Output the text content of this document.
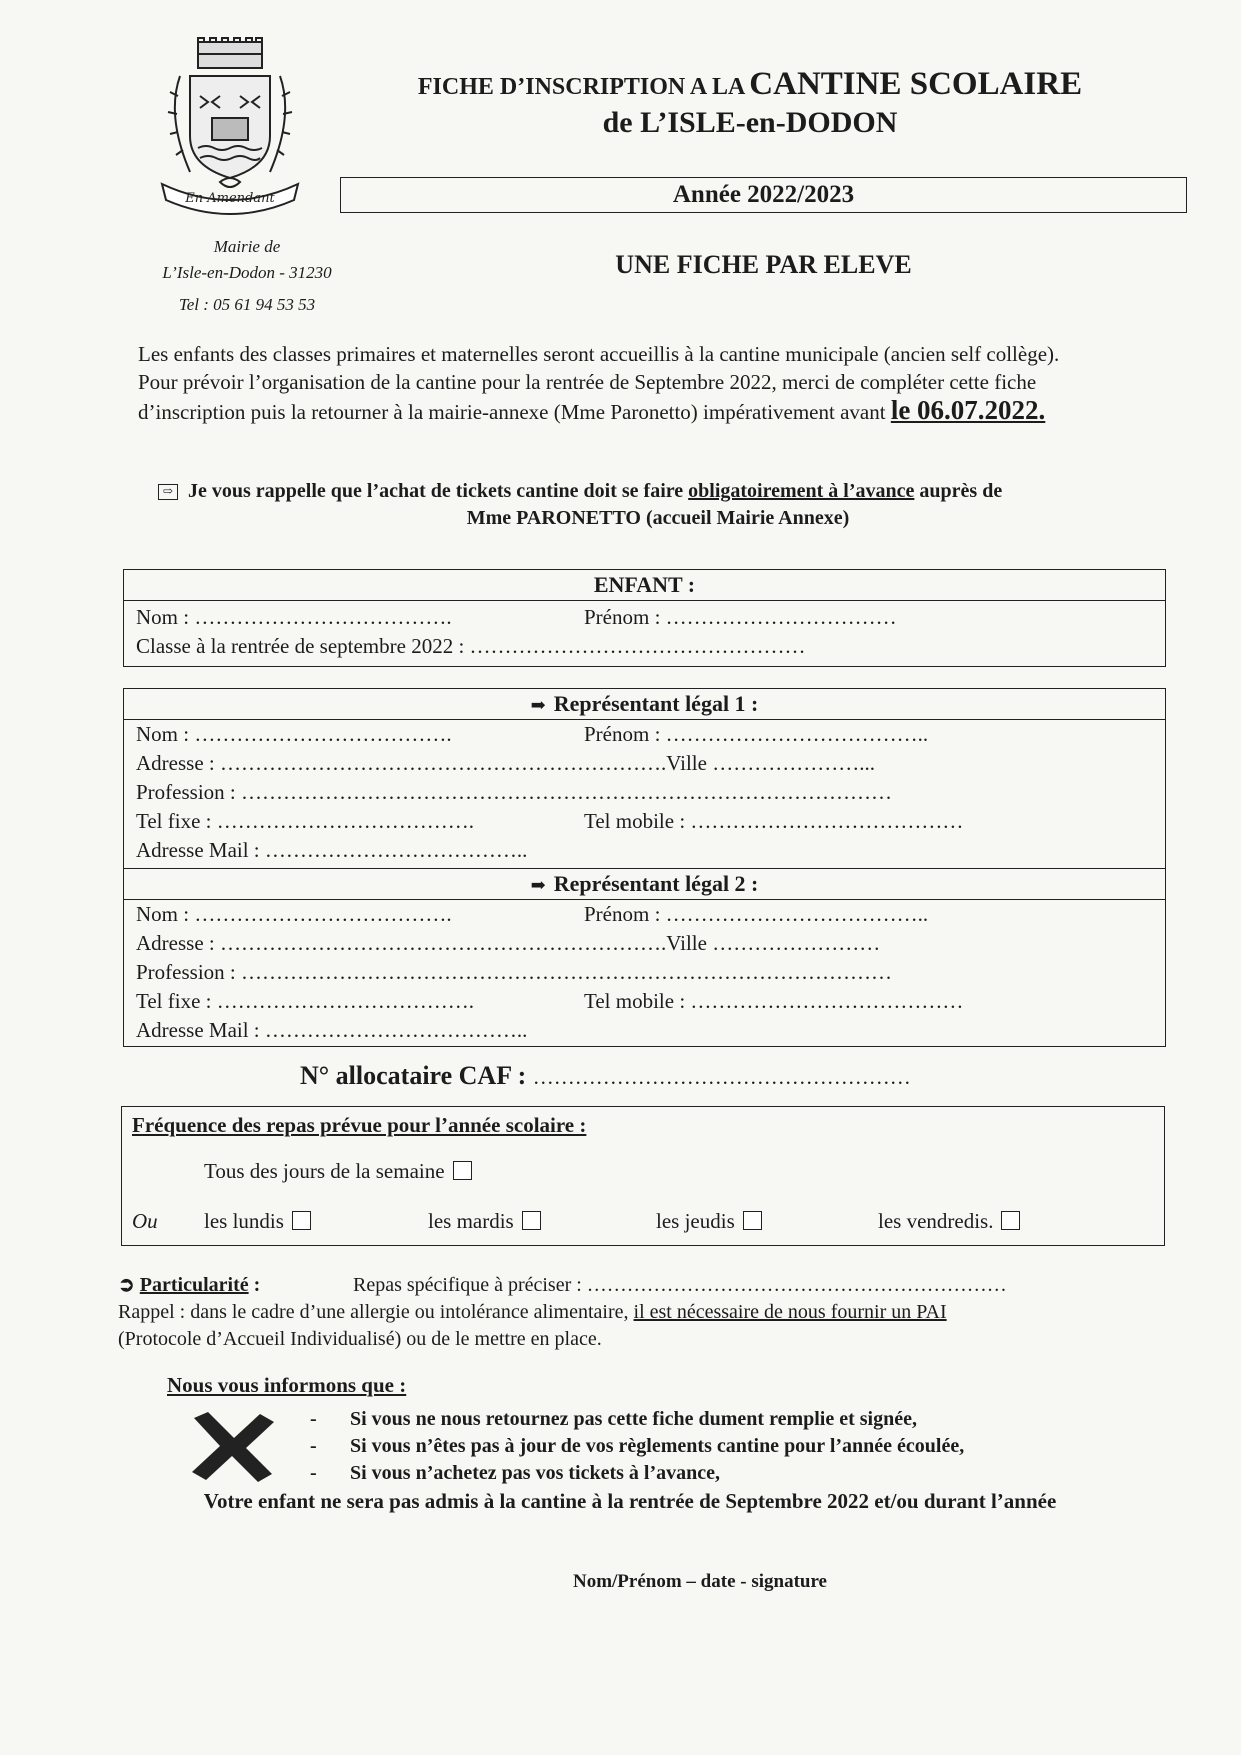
En Amendant
Mairie de
L’Isle-en-Dodon - 31230
Tel : 05 61 94 53 53
FICHE D’INSCRIPTION A LA CANTINE SCOLAIRE
de L’ISLE-en-DODON
Année 2022/2023
UNE FICHE PAR ELEVE

Les enfants des classes primaires et maternelles seront accueillis à la cantine municipale (ancien self collège).

Pour prévoir l’organisation de la cantine pour la rentrée de Septembre 2022, merci de compléter cette fiche

d’inscription puis la retourner à la mairie-annexe (Mme Paronetto) impérativement avant le 06.07.2022.

⇨ Je vous rappelle que l’achat de tickets cantine doit se faire obligatoirement à l’avance auprès de
Mme PARONETTO (accueil Mairie Annexe)
ENFANT :
Nom : ……………………………….	Prénom : ……………………………
Classe à la rentrée de septembre 2022 : …………………………………………
➡ Représentant légal 1 :
Nom : ……………………………….	Prénom : ………………………………..
Adresse : ……………………………………………………….Ville …………………...
Profession : …………………………………………………………………………………
Tel fixe : ……………………………….	Tel mobile : …………………………………
Adresse Mail : ………………………………..
➡ Représentant légal 2 :
Nom : ……………………………….	Prénom : ………………………………..
Adresse : ……………………………………………………….Ville ……………………
Profession : …………………………………………………………………………………
Tel fixe : ……………………………….	Tel mobile : …………………………………
Adresse Mail : ………………………………..
N° allocataire CAF : ………………………………………………
Fréquence des repas prévue pour l’année scolaire :
Tous des jours de la semaine
Ou les lundis	les mardis	les jeudis	les vendredis.
➲ Particularité :	Repas spécifique à préciser : ………………………………………………………
Rappel : dans le cadre d’une allergie ou intolérance alimentaire, il est nécessaire de nous fournir un PAI
(Protocole d’Accueil Individualisé) ou de le mettre en place.
Nous vous informons que :
- Si vous ne nous retournez pas cette fiche dument remplie et signée,
- Si vous n’êtes pas à jour de vos règlements cantine pour l’année écoulée,
- Si vous n’achetez pas vos tickets à l’avance,
Votre enfant ne sera pas admis à la cantine à la rentrée de Septembre 2022 et/ou durant l’année
Nom/Prénom – date - signature
